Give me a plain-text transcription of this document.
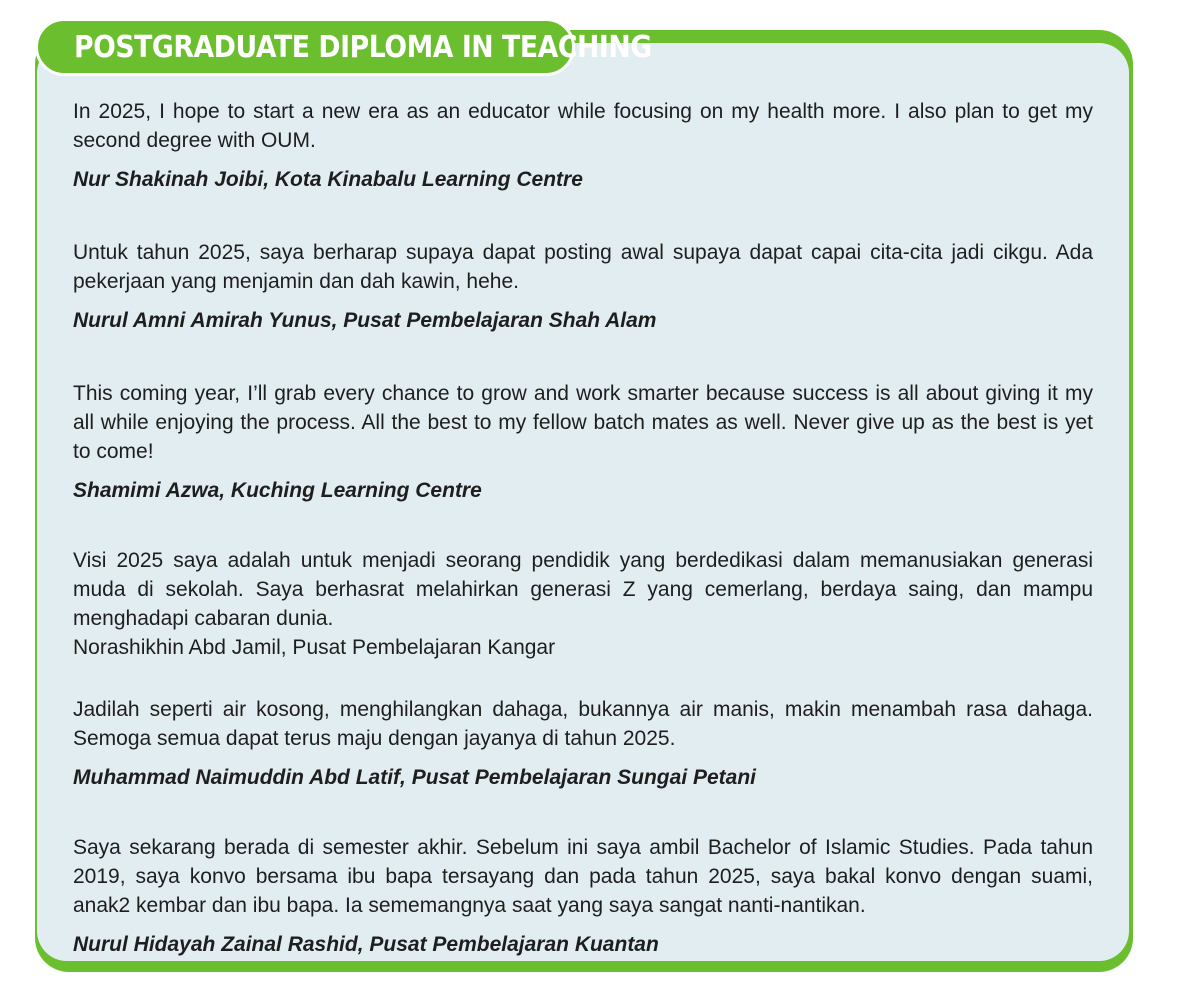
POSTGRADUATE DIPLOMA IN TEACHING

In 2025, I hope to start a new era as an educator while focusing on my health more. I also plan to get my second degree with OUM.

Nur Shakinah Joibi, Kota Kinabalu Learning Centre

Untuk tahun 2025, saya berharap supaya dapat posting awal supaya dapat capai cita-cita jadi cikgu. Ada pekerjaan yang menjamin dan dah kawin, hehe.

Nurul Amni Amirah Yunus, Pusat Pembelajaran Shah Alam

This coming year, I’ll grab every chance to grow and work smarter because success is all about giving it my all while enjoying the process. All the best to my fellow batch mates as well. Never give up as the best is yet to come!

Shamimi Azwa, Kuching Learning Centre

Visi 2025 saya adalah untuk menjadi seorang pendidik yang berdedikasi dalam memanusiakan generasi muda di sekolah. Saya berhasrat melahirkan generasi Z yang cemerlang, berdaya saing, dan mampu menghadapi cabaran dunia.

Norashikhin Abd Jamil, Pusat Pembelajaran Kangar

Jadilah seperti air kosong, menghilangkan dahaga, bukannya air manis, makin menambah rasa dahaga. Semoga semua dapat terus maju dengan jayanya di tahun 2025.

Muhammad Naimuddin Abd Latif, Pusat Pembelajaran Sungai Petani

Saya sekarang berada di semester akhir. Sebelum ini saya ambil Bachelor of Islamic Studies. Pada tahun 2019, saya konvo bersama ibu bapa tersayang dan pada tahun 2025, saya bakal konvo dengan suami, anak2 kembar dan ibu bapa. Ia sememangnya saat yang saya sangat nanti-nantikan.

Nurul Hidayah Zainal Rashid, Pusat Pembelajaran Kuantan
